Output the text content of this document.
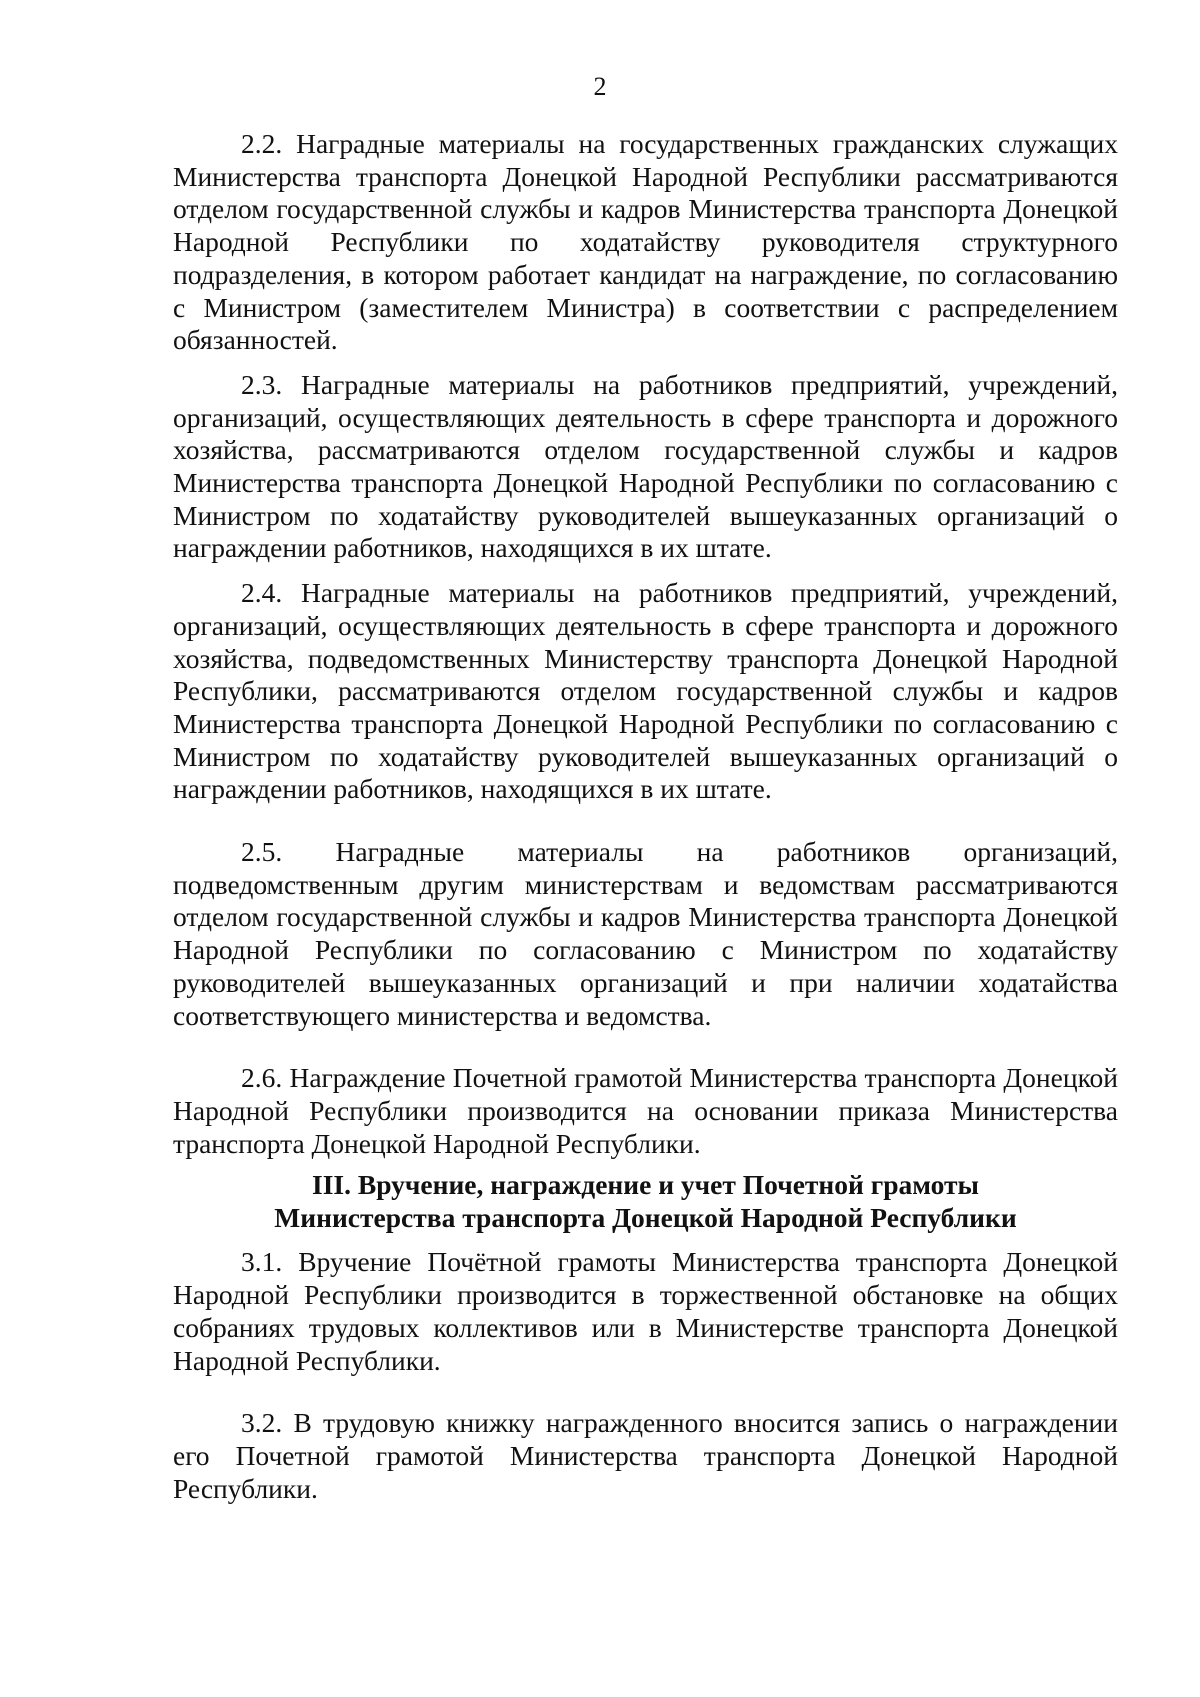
2

2.2. Наградные материалы на государственных гражданских служащих Министерства транспорта Донецкой Народной Республики рассматриваются отделом государственной службы и кадров Министерства транспорта Донецкой Народной Республики по ходатайству руководителя структурного подразделения, в котором работает кандидат на награждение, по согласованию с Министром (заместителем Министра) в соответствии с распределением обязанностей.

2.3. Наградные материалы на работников предприятий, учреждений, организаций, осуществляющих деятельность в сфере транспорта и дорожного хозяйства, рассматриваются отделом государственной службы и кадров Министерства транспорта Донецкой Народной Республики по согласованию с Министром по ходатайству руководителей вышеуказанных организаций о награждении работников, находящихся в их штате.

2.4. Наградные материалы на работников предприятий, учреждений, организаций, осуществляющих деятельность в сфере транспорта и дорожного хозяйства, подведомственных Министерству транспорта Донецкой Народной Республики, рассматриваются отделом государственной службы и кадров Министерства транспорта Донецкой Народной Республики по согласованию с Министром по ходатайству руководителей вышеуказанных организаций о награждении работников, находящихся в их штате.

2.5. Наградные материалы на работников организаций, подведомственным другим министерствам и ведомствам рассматриваются отделом государственной службы и кадров Министерства транспорта Донецкой Народной Республики по согласованию с Министром по ходатайству руководителей вышеуказанных организаций и при наличии ходатайства соответствующего министерства и ведомства.

2.6. Награждение Почетной грамотой Министерства транспорта Донецкой Народной Республики производится на основании приказа Министерства транспорта Донецкой Народной Республики.

III. Вручение, награждение и учет Почетной грамоты
Министерства транспорта Донецкой Народной Республики

3.1. Вручение Почётной грамоты Министерства транспорта Донецкой Народной Республики производится в торжественной обстановке на общих собраниях трудовых коллективов или в Министерстве транспорта Донецкой Народной Республики.

3.2. В трудовую книжку награжденного вносится запись о награждении его Почетной грамотой Министерства транспорта Донецкой Народной Республики.
